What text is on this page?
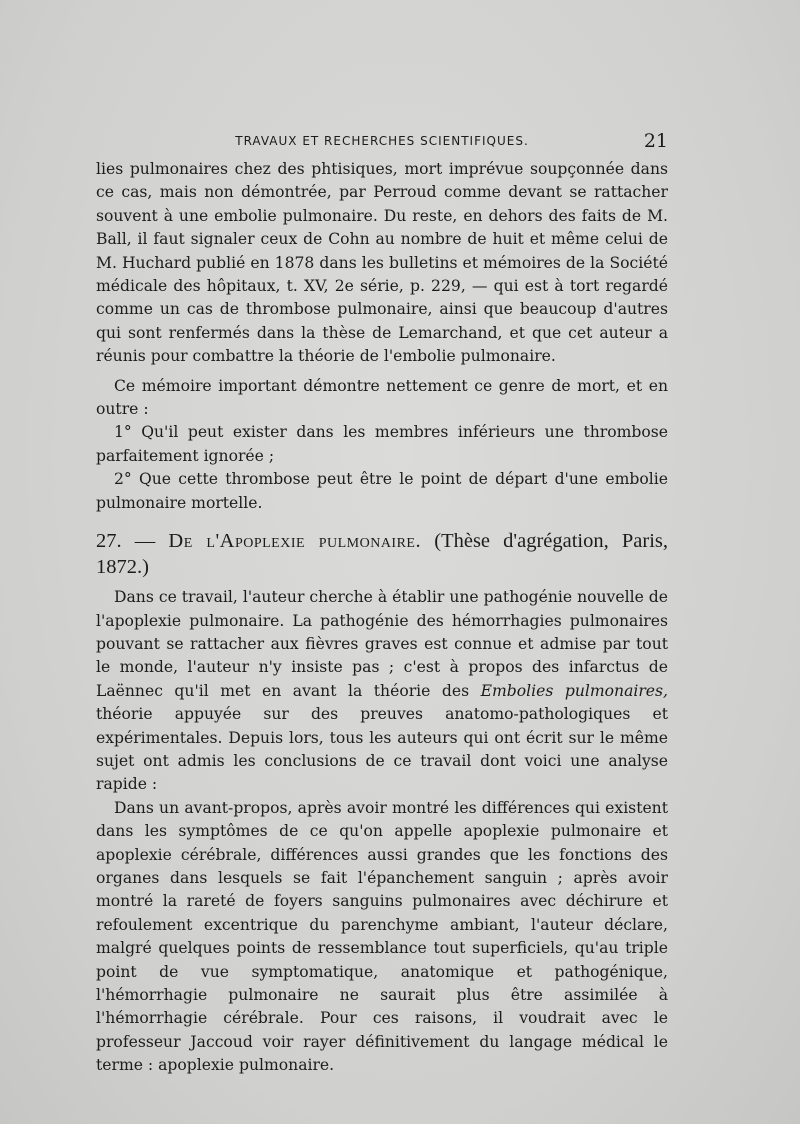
TRAVAUX ET RECHERCHES SCIENTIFIQUES.	21

lies pulmonaires chez des phtisiques, mort imprévue soupçonnée dans ce cas, mais non démontrée, par Perroud comme devant se rattacher souvent à une embolie pulmonaire. Du reste, en dehors des faits de M. Ball, il faut signaler ceux de Cohn au nombre de huit et même celui de M. Huchard publié en 1878 dans les bulletins et mémoires de la Société médicale des hôpitaux, t. XV, 2e série, p. 229, — qui est à tort regardé comme un cas de thrombose pulmonaire, ainsi que beaucoup d'autres qui sont renfermés dans la thèse de Lemarchand, et que cet auteur a réunis pour combattre la théorie de l'embolie pulmonaire.

Ce mémoire important démontre nettement ce genre de mort, et en outre :

1° Qu'il peut exister dans les membres inférieurs une thrombose parfaitement ignorée ;

2° Que cette thrombose peut être le point de départ d'une embolie pulmonaire mortelle.

27. — De l'Apoplexie pulmonaire. (Thèse d'agrégation, Paris, 1872.)

Dans ce travail, l'auteur cherche à établir une pathogénie nouvelle de l'apoplexie pulmonaire. La pathogénie des hémorrhagies pulmonaires pouvant se rattacher aux fièvres graves est connue et admise par tout le monde, l'auteur n'y insiste pas ; c'est à propos des infarctus de Laënnec qu'il met en avant la théorie des Embolies pulmonaires, théorie appuyée sur des preuves anatomo-pathologiques et expérimentales. Depuis lors, tous les auteurs qui ont écrit sur le même sujet ont admis les conclusions de ce travail dont voici une analyse rapide :

Dans un avant-propos, après avoir montré les différences qui existent dans les symptômes de ce qu'on appelle apoplexie pulmonaire et apoplexie cérébrale, différences aussi grandes que les fonctions des organes dans lesquels se fait l'épanchement sanguin ; après avoir montré la rareté de foyers sanguins pulmonaires avec déchirure et refoulement excentrique du parenchyme ambiant, l'auteur déclare, malgré quelques points de ressemblance tout superficiels, qu'au triple point de vue symptomatique, anatomique et pathogénique, l'hémorrhagie pulmonaire ne saurait plus être assimilée à l'hémorrhagie cérébrale. Pour ces raisons, il voudrait avec le professeur Jaccoud voir rayer définitivement du langage médical le terme : apoplexie pulmonaire.
